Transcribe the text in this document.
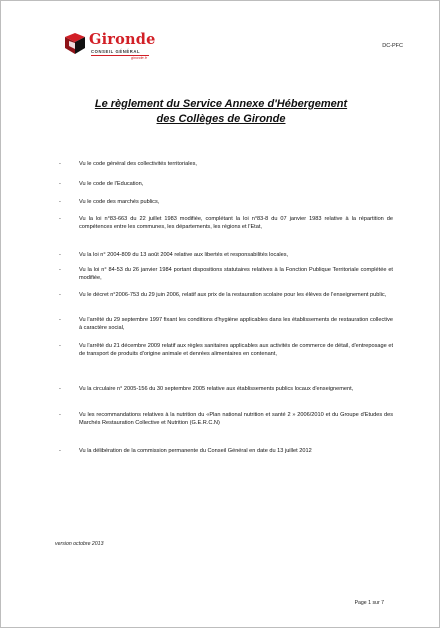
Gironde
CONSEIL GÉNÉRAL
gironde.fr
DC-PFC
Le règlement du Service Annexe d'Hébergement
des Collèges de Gironde
-	Vu le code général des collectivités territoriales,
-	Vu le code de l'Education,
-	Vu le code des marchés publics,
-	Vu la loi n°83-663 du 22 juillet 1983 modifiée, complétant la loi n°83-8 du 07 janvier 1983 relative à la répartition de compétences entre les communes, les départements, les régions et l'Etat,
-	Vu la loi n° 2004-809 du 13 août 2004 relative aux libertés et responsabilités locales,
-	Vu la loi n° 84-53 du 26 janvier 1984 portant dispositions statutaires relatives à la Fonction Publique Territoriale complétée et modifiée,
-	Vu le décret n°2006-753 du 29 juin 2006, relatif aux prix de la restauration scolaire pour les élèves de l'enseignement public,
-	Vu l'arrêté du 29 septembre 1997 fixant les conditions d'hygiène applicables dans les établissements de restauration collective à caractère social,
-	Vu l'arrêté du 21 décembre 2009 relatif aux règles sanitaires applicables aux activités de commerce de détail, d'entreposage et de transport de produits d'origine animale et denrées alimentaires en contenant,
-	Vu la circulaire n° 2005-156 du 30 septembre 2005 relative aux établissements publics locaux d'enseignement,
-	Vu les recommandations relatives à la nutrition du «Plan national nutrition et santé 2 » 2006/2010 et du Groupe d'Etudes des Marchés Restauration Collective et Nutrition (G.E.R.C.N)
-	Vu la délibération de la commission permanente du Conseil Général en date du 13 juillet 2012
version octobre 2013
Page 1 sur 7
